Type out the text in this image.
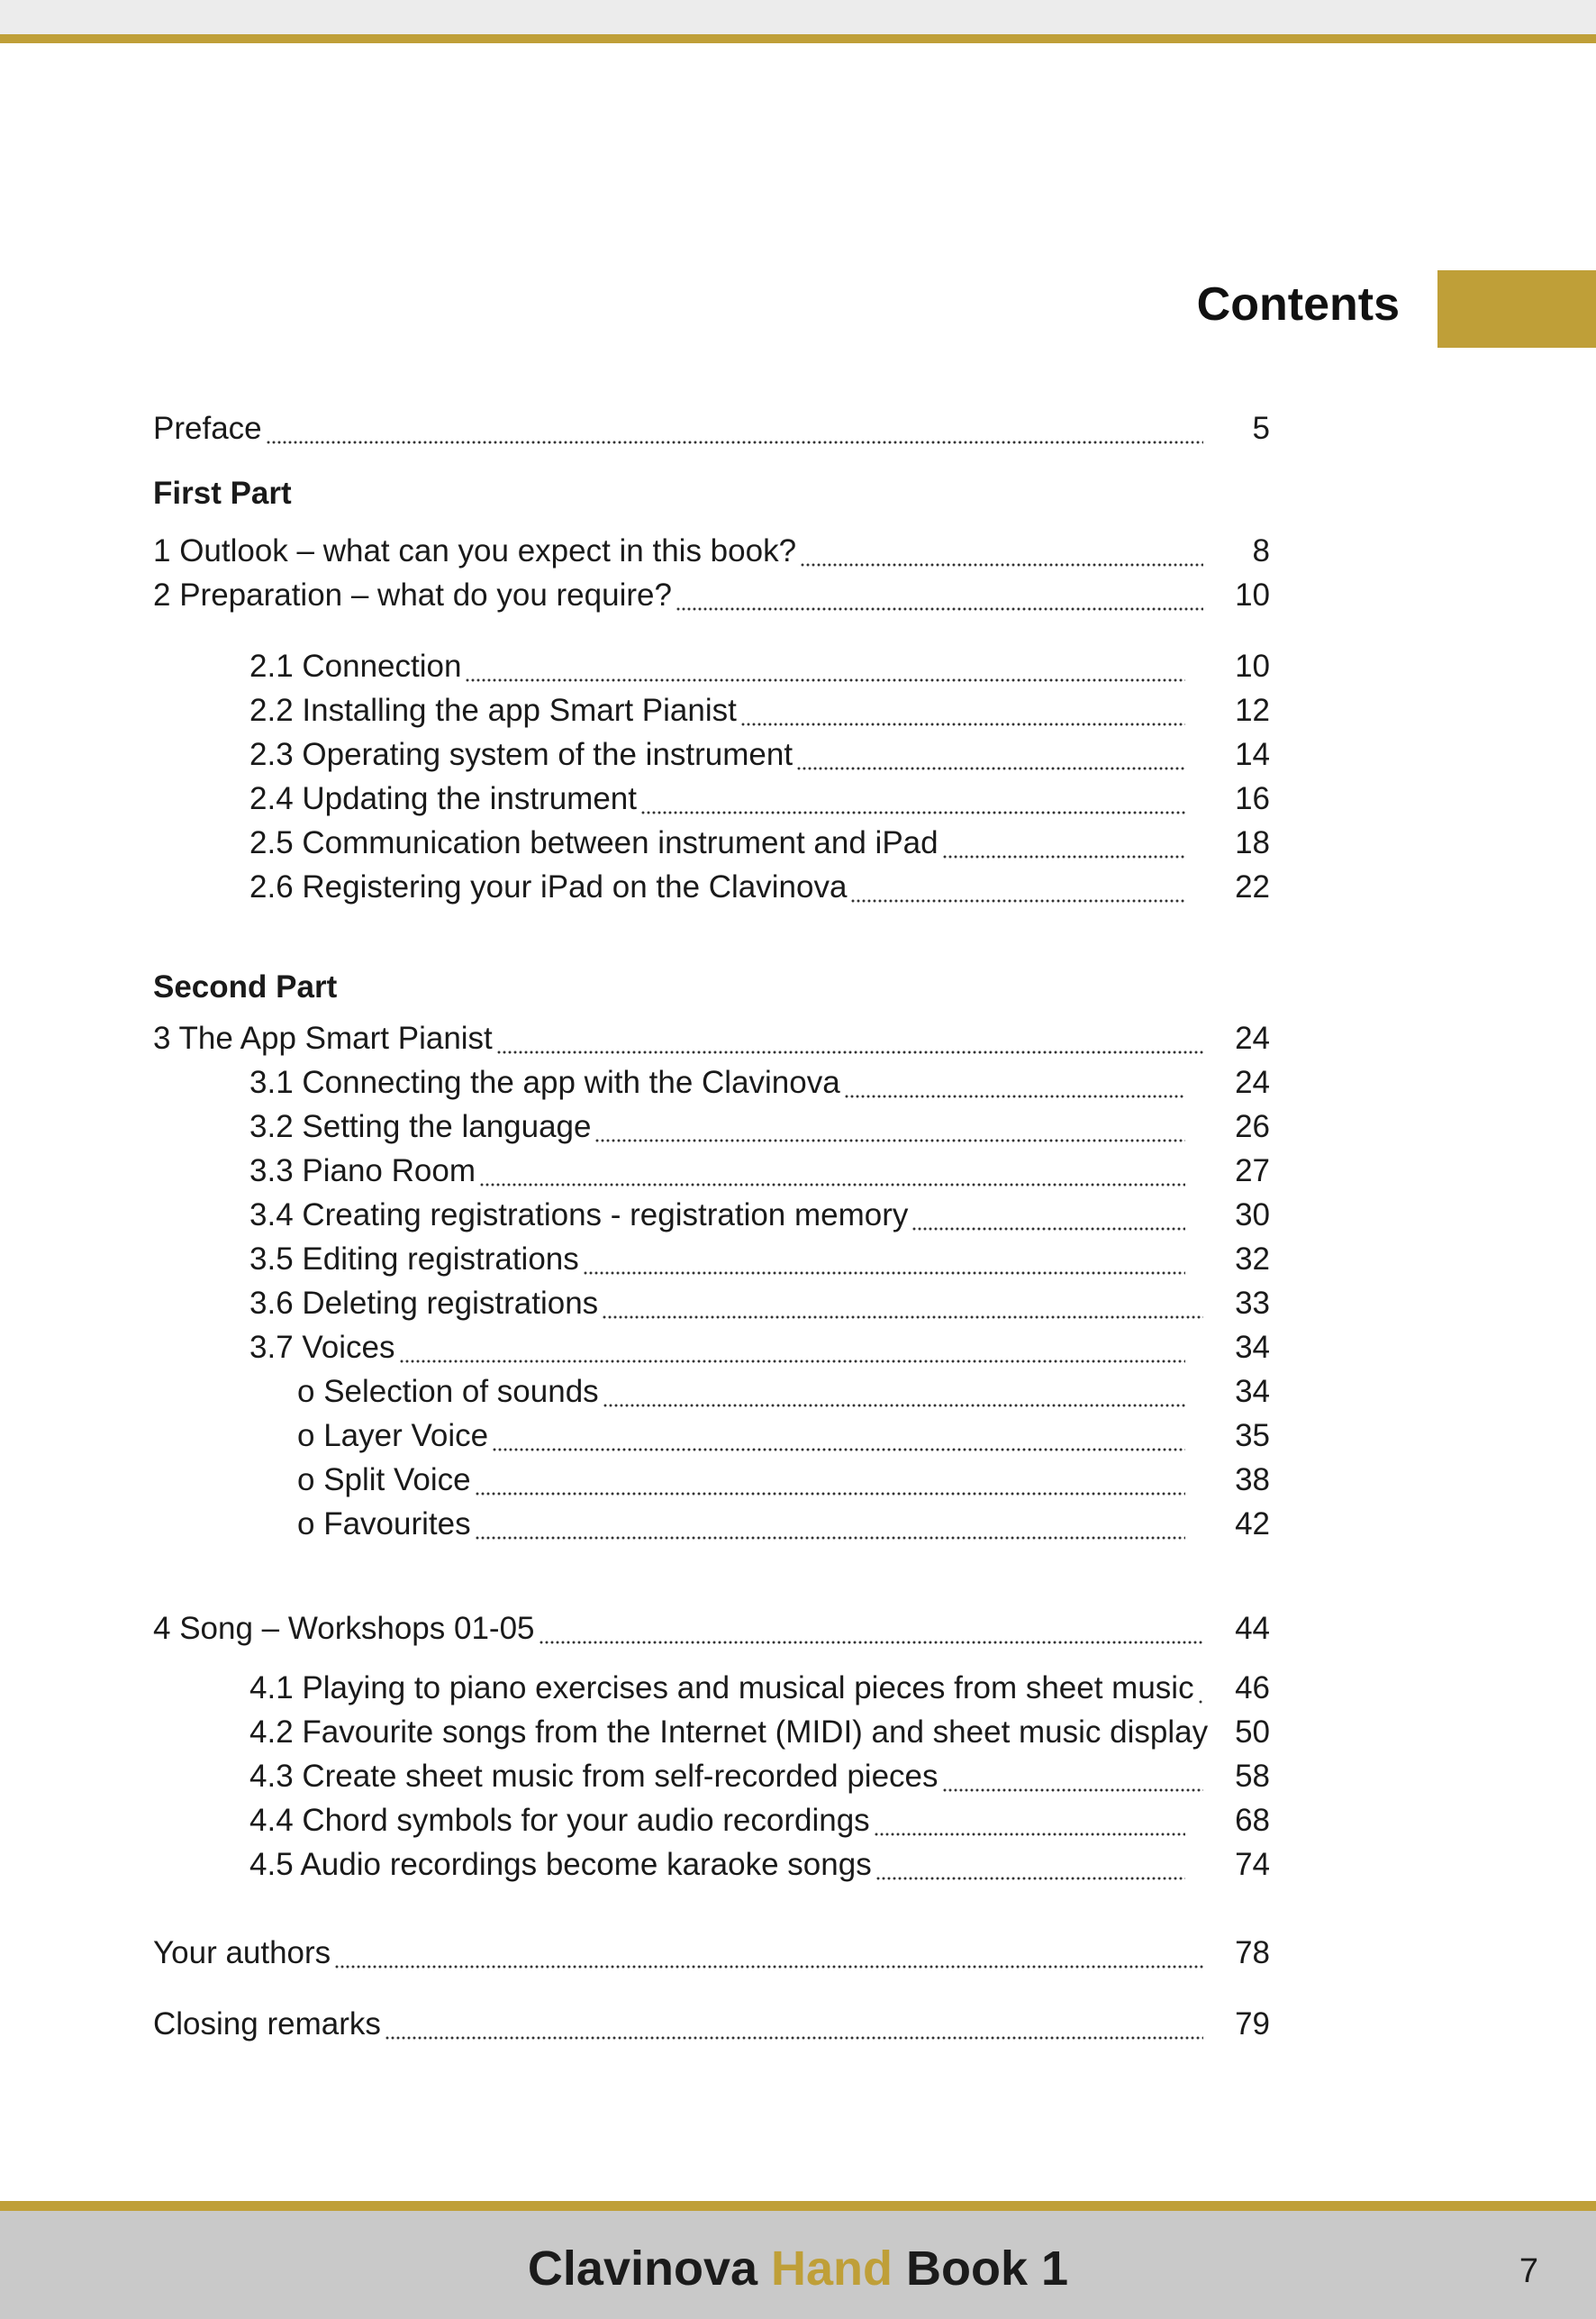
Contents
Preface	5
First Part
1 Outlook – what can you expect in this book?	8
2 Preparation – what do you require?	10
2.1 Connection	10
2.2 Installing the app Smart Pianist	12
2.3 Operating system of the instrument	14
2.4 Updating the instrument	16
2.5 Communication between instrument and iPad	18
2.6 Registering your iPad on the Clavinova	22
Second Part
3 The App Smart Pianist	24
3.1 Connecting the app with the Clavinova	24
3.2 Setting the language	26
3.3 Piano Room	27
3.4 Creating registrations - registration memory	30
3.5 Editing registrations	32
3.6 Deleting registrations	33
3.7 Voices	34
o Selection of sounds	34
o Layer Voice	35
o Split Voice	38
o Favourites	42
4 Song – Workshops 01-05	44
4.1 Playing to piano exercises and musical pieces from sheet music	46
4.2 Favourite songs from the Internet (MIDI) and sheet music display 50
4.3 Create sheet music from self-recorded pieces	58
4.4 Chord symbols for your audio recordings	68
4.5 Audio recordings become karaoke songs	74
Your authors	78
Closing remarks	79
Clavinova Hand Book 1	7
